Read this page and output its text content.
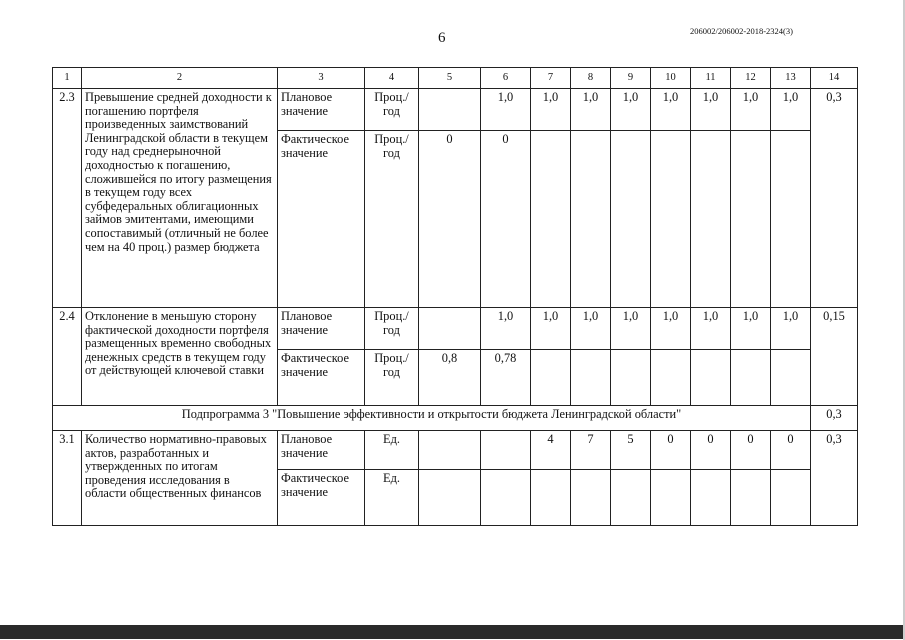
6	206002/206002-2018-2324(3)
1	2	3	4	5	6	7	8	9	10	11	12	13	14
2.3	Превышение средней доходности к погашению портфеля произведенных заимствований Ленинградской области в текущем году над среднерыночной доходностью к погашению, сложившейся по итогу размещения в текущем году всех субфедеральных облигационных займов эмитентами, имеющими сопоставимый (отличный не более чем на 40 проц.) размер бюджета	Плановое значение	Проц./ год		1,0	1,0	1,0	1,0	1,0	1,0	1,0	1,0	0,3
		Фактическое значение	Проц./ год	0	0								
2.4	Отклонение в меньшую сторону фактической доходности портфеля размещенных временно свободных денежных средств в текущем году от действующей ключевой ставки	Плановое значение	Проц./ год		1,0	1,0	1,0	1,0	1,0	1,0	1,0	1,0	0,15
		Фактическое значение	Проц./ год	0,8	0,78								
Подпрограмма 3 "Повышение эффективности и открытости бюджета Ленинградской области"													0,3
3.1	Количество нормативно-правовых актов, разработанных и утвержденных по итогам проведения исследования в области общественных финансов	Плановое значение	Ед.			4	7	5	0	0	0	0	0,3
		Фактическое значение	Ед.										
